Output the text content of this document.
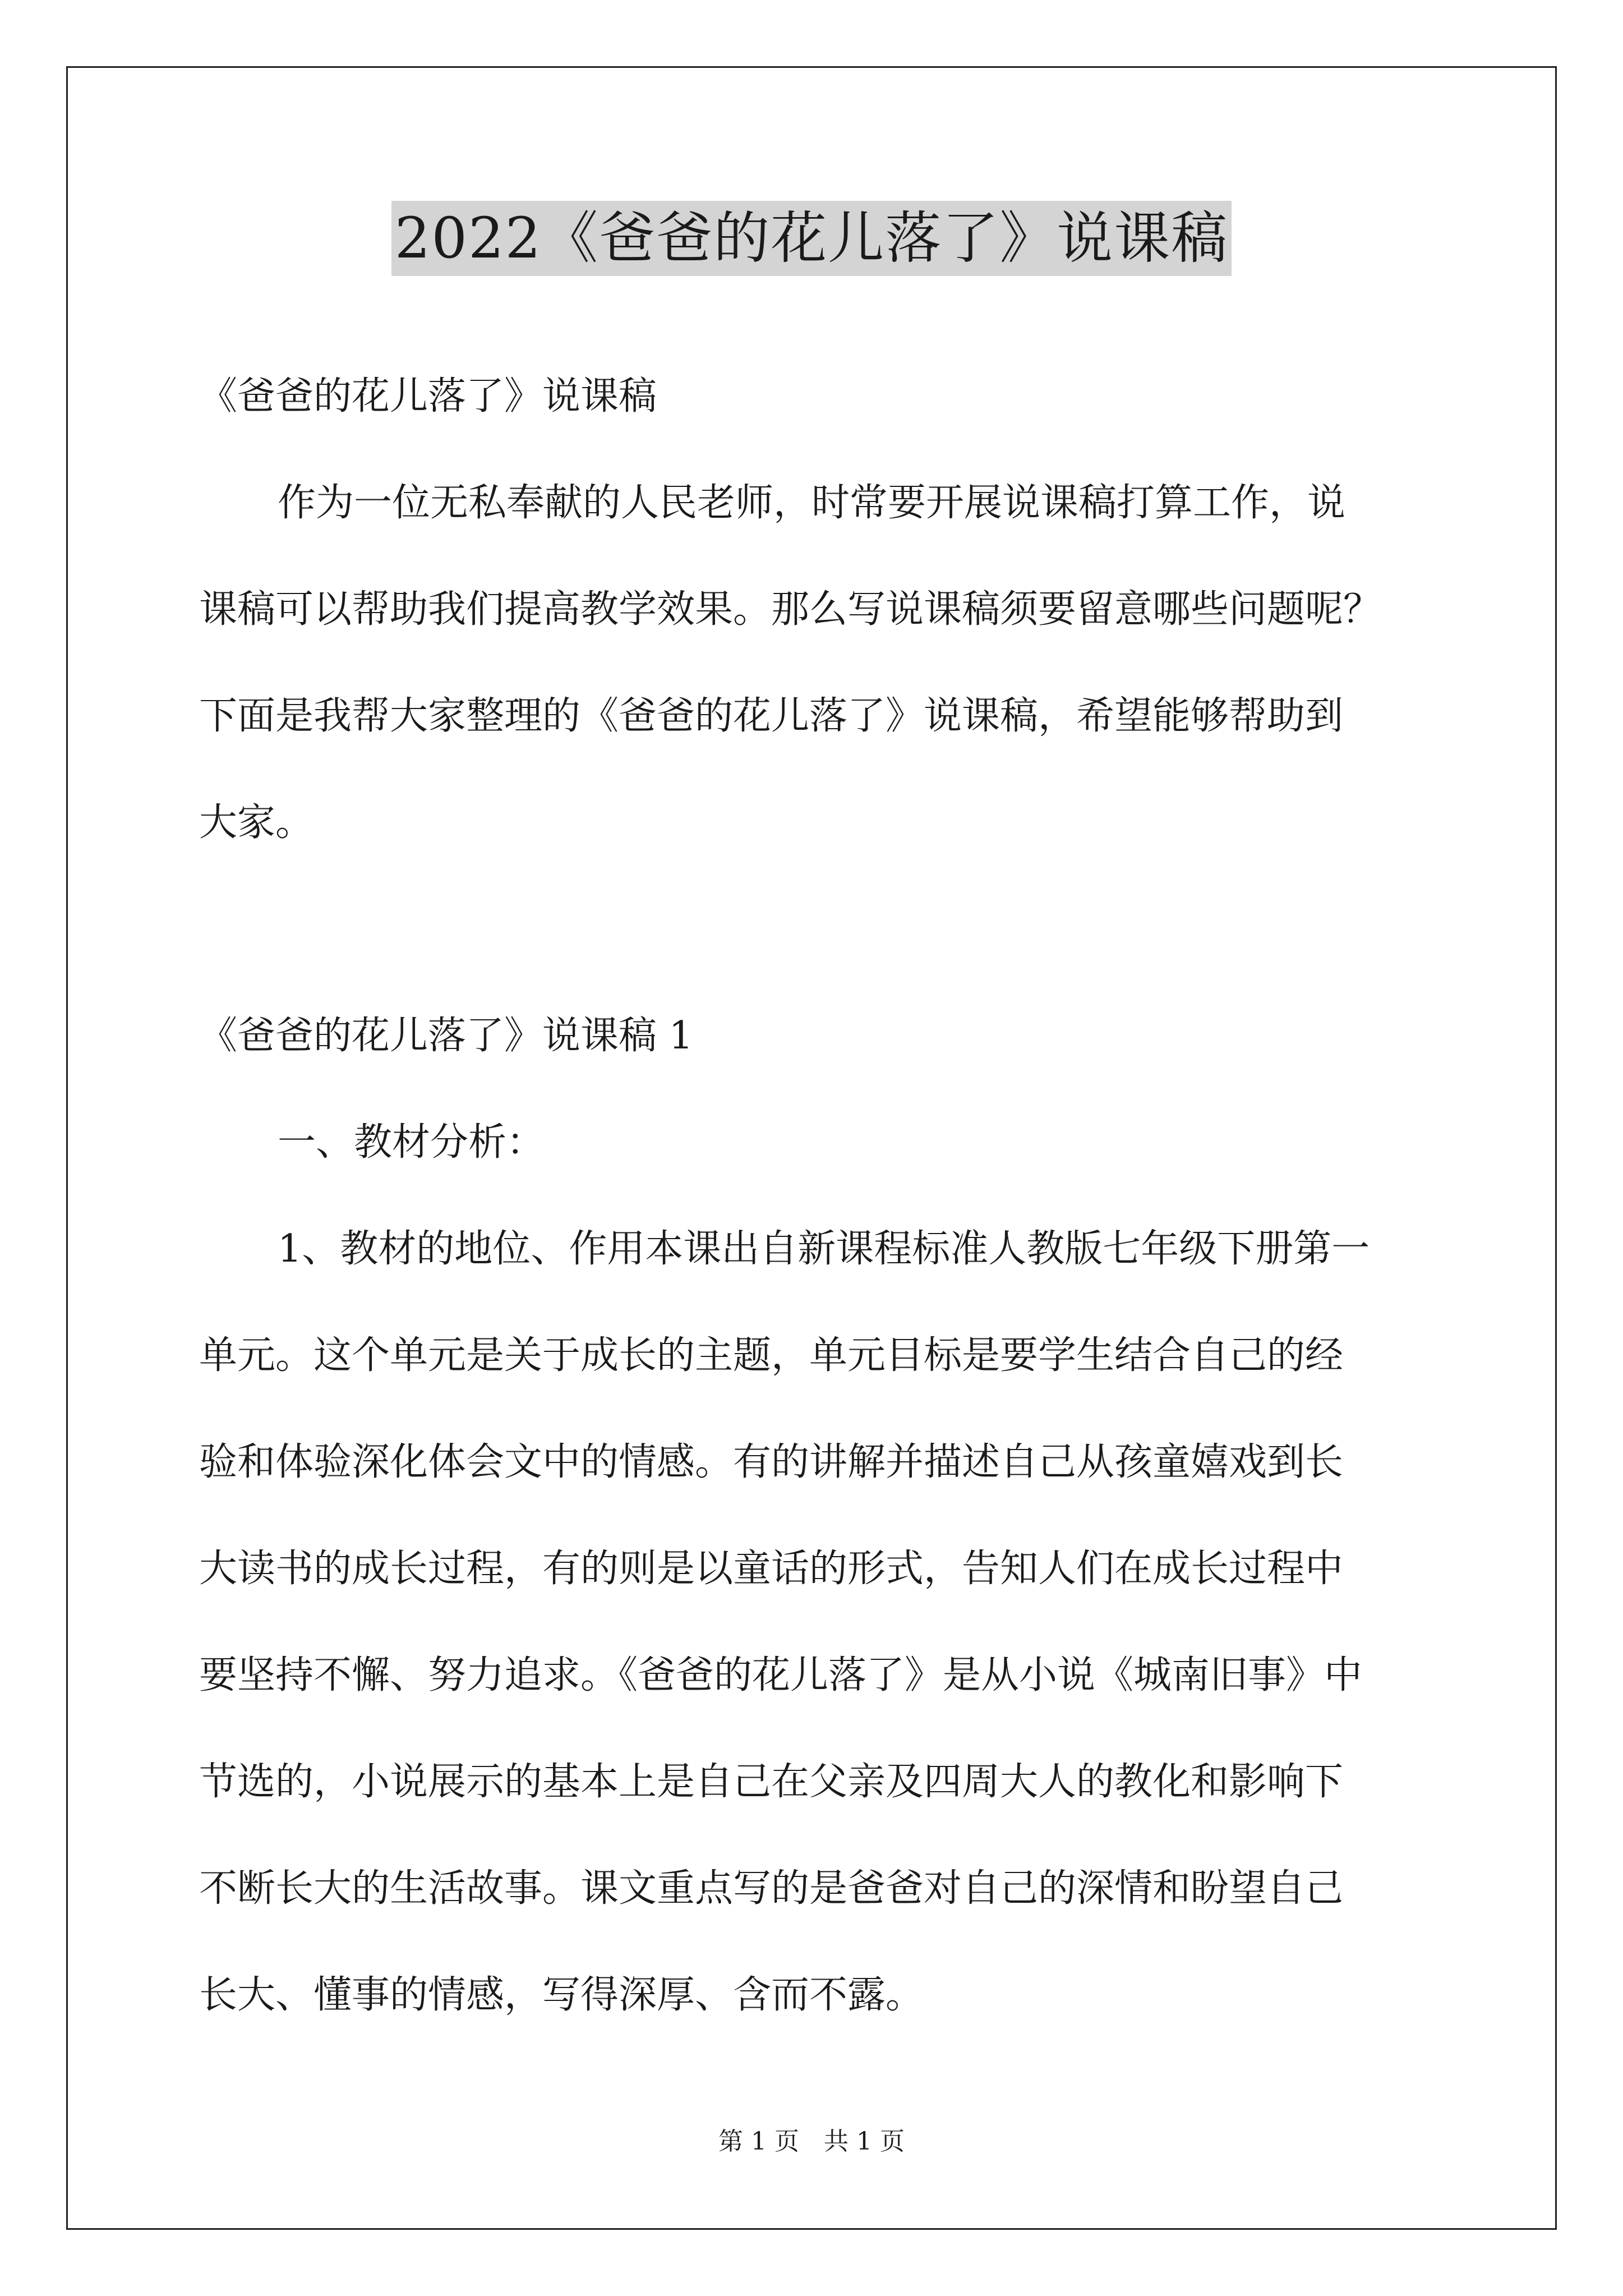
2022《爸爸的花儿落了》说课稿

《爸爸的花儿落了》说课稿

作为一位无私奉献的人民老师，时常要开展说课稿打算工作，说

课稿可以帮助我们提高教学效果。那么写说课稿须要留意哪些问题呢？

下面是我帮大家整理的《爸爸的花儿落了》说课稿，希望能够帮助到

大家。

《爸爸的花儿落了》说课稿 1

一、教材分析：

1、教材的地位、作用本课出自新课程标准人教版七年级下册第一

单元。这个单元是关于成长的主题，单元目标是要学生结合自己的经

验和体验深化体会文中的情感。有的讲解并描述自己从孩童嬉戏到长

大读书的成长过程，有的则是以童话的形式，告知人们在成长过程中

要坚持不懈、努力追求。《爸爸的花儿落了》是从小说《城南旧事》中

节选的，小说展示的基本上是自己在父亲及四周大人的教化和影响下

不断长大的生活故事。课文重点写的是爸爸对自己的深情和盼望自己

长大、懂事的情感，写得深厚、含而不露。

第 1 页　共 1 页
